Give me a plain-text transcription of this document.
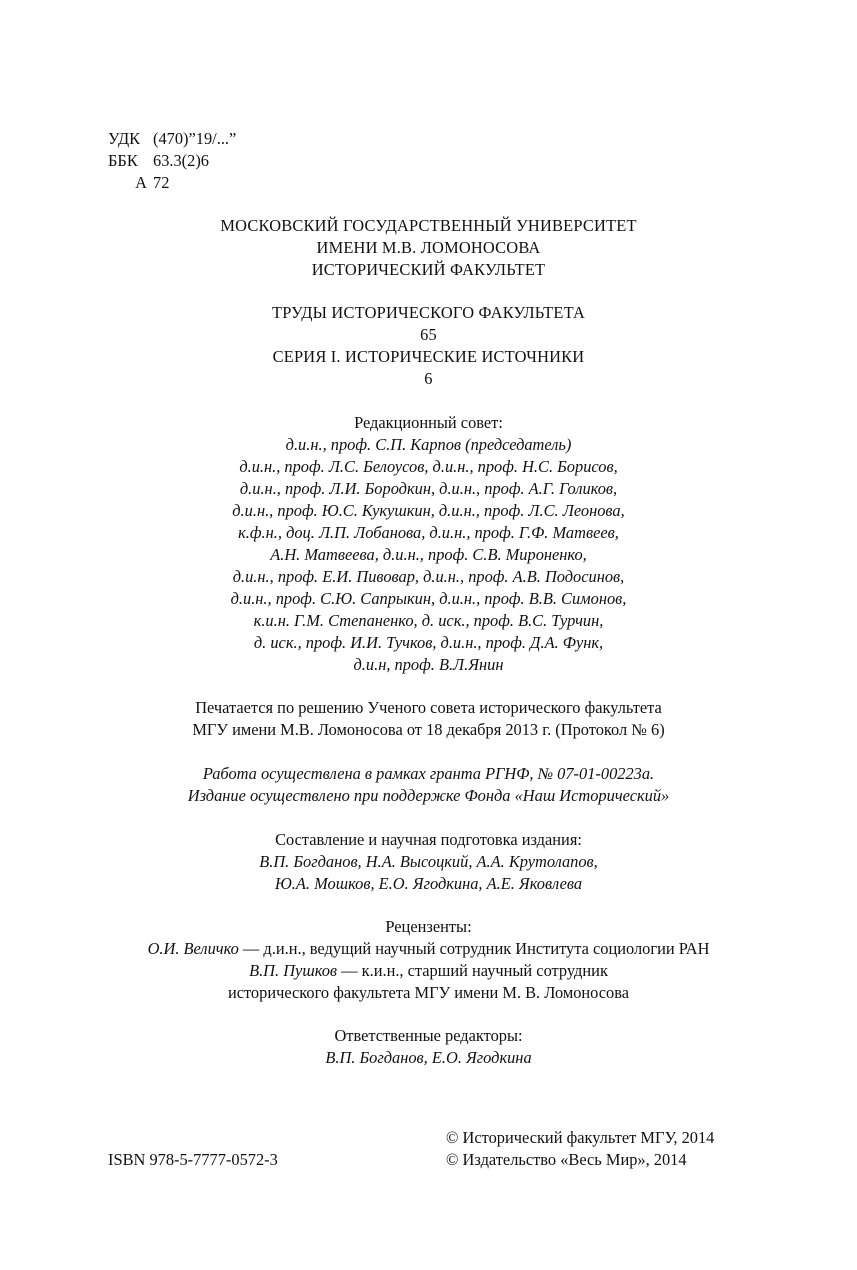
УДК (470)”19/...”
ББК 63.3(2)6
А 72
МОСКОВСКИЙ ГОСУДАРСТВЕННЫЙ УНИВЕРСИТЕТ
ИМЕНИ М.В. ЛОМОНОСОВА
ИСТОРИЧЕСКИЙ ФАКУЛЬТЕТ
ТРУДЫ ИСТОРИЧЕСКОГО ФАКУЛЬТЕТА
65
СЕРИЯ I. ИСТОРИЧЕСКИЕ ИСТОЧНИКИ
6
Редакционный совет:
д.и.н., проф. С.П. Карпов (председатель)
д.и.н., проф. Л.С. Белоусов, д.и.н., проф. Н.С. Борисов,
д.и.н., проф. Л.И. Бородкин, д.и.н., проф. А.Г. Голиков,
д.и.н., проф. Ю.С. Кукушкин, д.и.н., проф. Л.С. Леонова,
к.ф.н., доц. Л.П. Лобанова, д.и.н., проф. Г.Ф. Матвеев,
А.Н. Матвеева, д.и.н., проф. С.В. Мироненко,
д.и.н., проф. Е.И. Пивовар, д.и.н., проф. А.В. Подосинов,
д.и.н., проф. С.Ю. Сапрыкин, д.и.н., проф. В.В. Симонов,
к.и.н. Г.М. Степаненко, д. иск., проф. В.С. Турчин,
д. иск., проф. И.И. Тучков, д.и.н., проф. Д.А. Функ,
д.и.н, проф. В.Л.Янин
Печатается по решению Ученого совета исторического факультета
МГУ имени М.В. Ломоносова от 18 декабря 2013 г. (Протокол № 6)
Работа осуществлена в рамках гранта РГНФ, № 07-01-00223а.
Издание осуществлено при поддержке Фонда «Наш Исторический»
Составление и научная подготовка издания:
В.П. Богданов, Н.А. Высоцкий, А.А. Крутолапов,
Ю.А. Мошков, Е.О. Ягодкина, А.Е. Яковлева
Рецензенты:
О.И. Величко — д.и.н., ведущий научный сотрудник Института социологии РАН
В.П. Пушков — к.и.н., старший научный сотрудник
исторического факультета МГУ имени М. В. Ломоносова
Ответственные редакторы:
В.П. Богданов, Е.О. Ягодкина
ISBN 978-5-7777-0572-3
© Исторический факультет МГУ, 2014
© Издательство «Весь Мир», 2014
